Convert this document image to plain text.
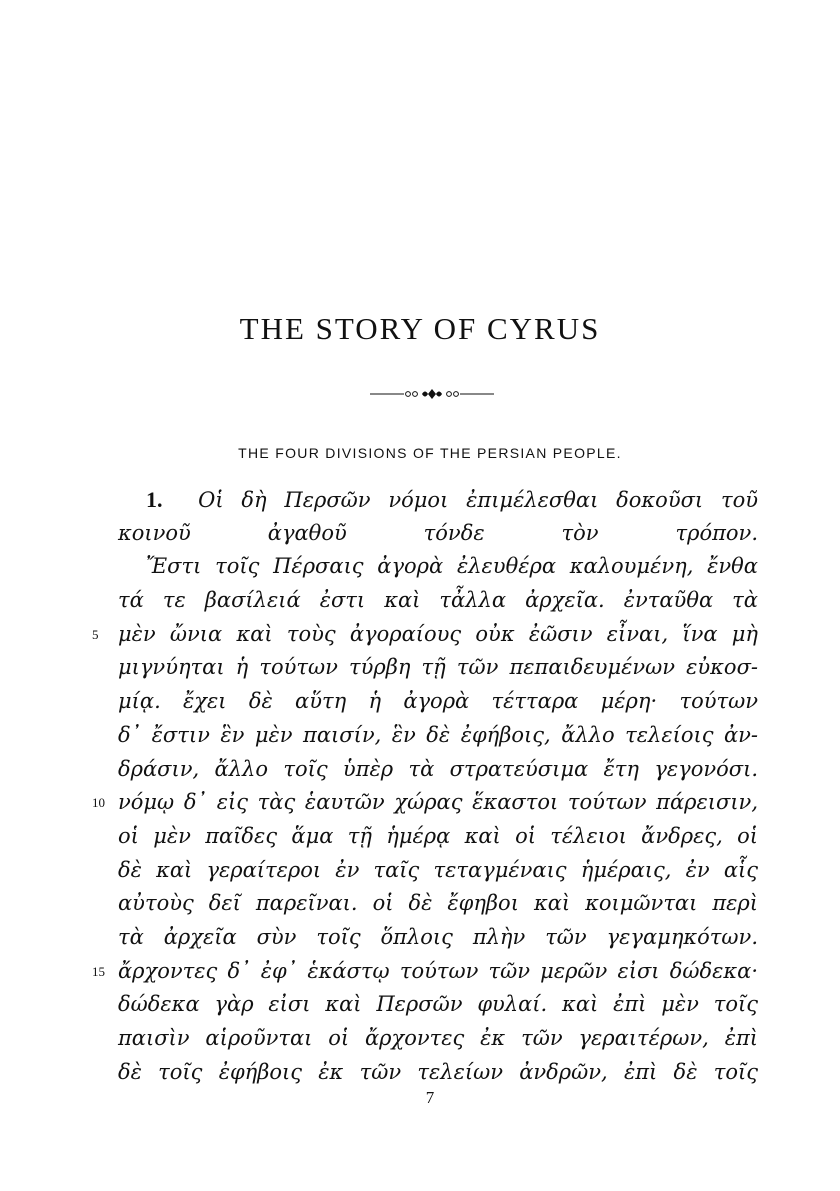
THE STORY OF CYRUS
THE FOUR DIVISIONS OF THE PERSIAN PEOPLE.
1. Οἱ δὴ Περσῶν νόμοι ἐπιμέλεσθαι δοκοῦσι τοῦ
κοινοῦ ἀγαθοῦ τόνδε τὸν τρόπον.
Ἔστι τοῖς Πέρσαις ἀγορὰ ἐλευθέρα καλουμένη, ἔνθα
τά τε βασίλειά ἐστι καὶ τἆλλα ἀρχεῖα. ἐνταῦθα τὰ
5 μὲν ὤνια καὶ τοὺς ἀγοραίους οὐκ ἐῶσιν εἶναι, ἵνα μὴ
μιγνύηται ἡ τούτων τύρβη τῇ τῶν πεπαιδευμένων εὐκοσ-
μίᾳ. ἔχει δὲ αὕτη ἡ ἀγορὰ τέτταρα μέρη· τούτων
δ᾽ ἔστιν ἓν μὲν παισίν, ἓν δὲ ἐφήβοις, ἄλλο τελείοις ἀν-
δράσιν, ἄλλο τοῖς ὑπὲρ τὰ στρατεύσιμα ἔτη γεγονόσι.
10 νόμῳ δ᾽ εἰς τὰς ἑαυτῶν χώρας ἕκαστοι τούτων πάρεισιν,
οἱ μὲν παῖδες ἅμα τῇ ἡμέρᾳ καὶ οἱ τέλειοι ἄνδρες, οἱ
δὲ καὶ γεραίτεροι ἐν ταῖς τεταγμέναις ἡμέραις, ἐν αἷς
αὐτοὺς δεῖ παρεῖναι. οἱ δὲ ἔφηβοι καὶ κοιμῶνται περὶ
τὰ ἀρχεῖα σὺν τοῖς ὅπλοις πλὴν τῶν γεγαμηκότων.
15 ἄρχοντες δ᾽ ἐφ᾽ ἑκάστῳ τούτων τῶν μερῶν εἰσι δώδεκα·
δώδεκα γὰρ εἰσι καὶ Περσῶν φυλαί. καὶ ἐπὶ μὲν τοῖς
παισὶν αἱροῦνται οἱ ἄρχοντες ἐκ τῶν γεραιτέρων, ἐπὶ
δὲ τοῖς ἐφήβοις ἐκ τῶν τελείων ἀνδρῶν, ἐπὶ δὲ τοῖς
7
